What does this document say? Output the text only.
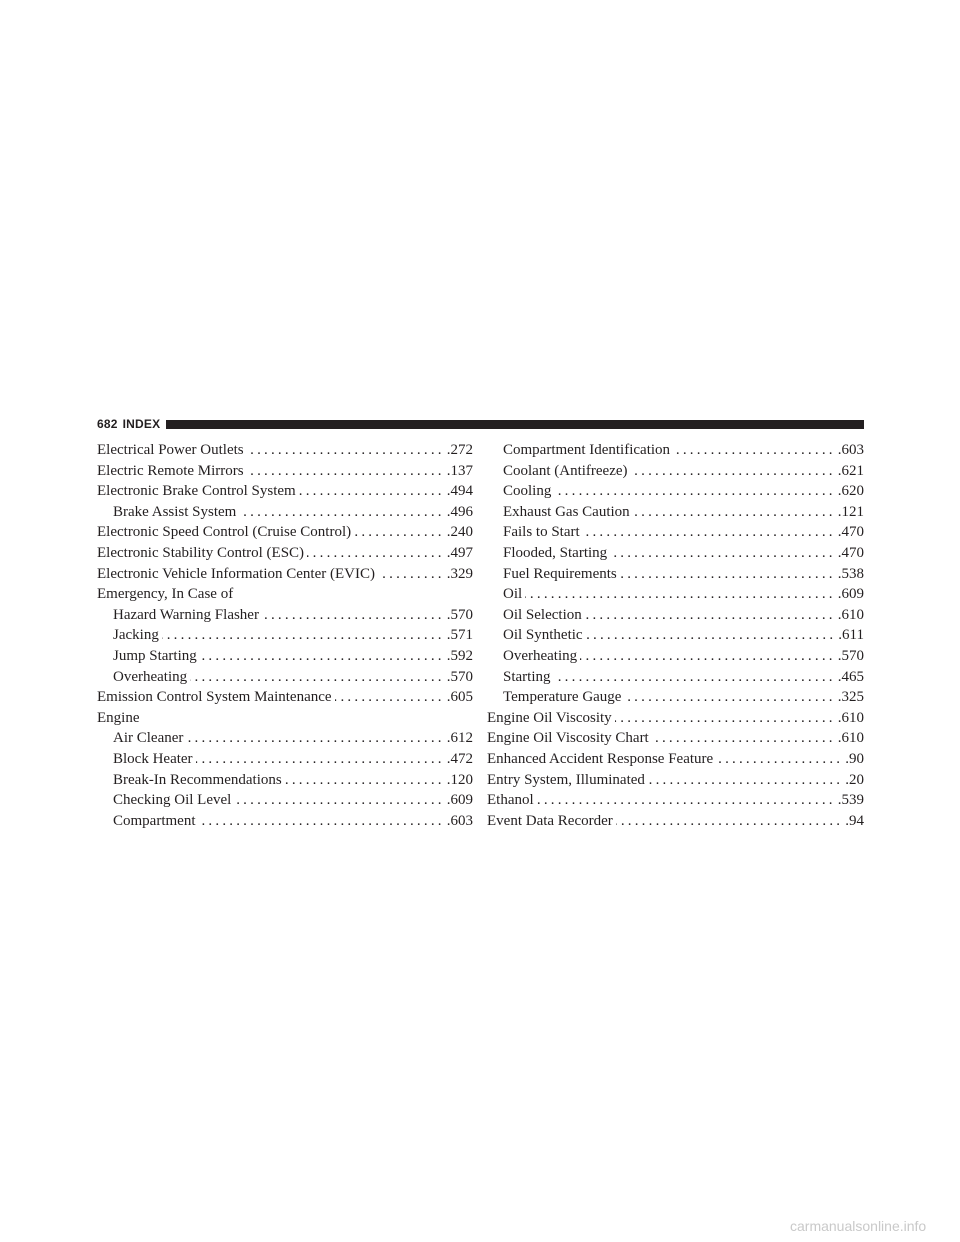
682 INDEX
Electrical Power Outlets .....	.272
Electric Remote Mirrors .....	.137
Electronic Brake Control System .....	.494
Brake Assist System .....	.496
Electronic Speed Control (Cruise Control) .....	.240
Electronic Stability Control (ESC) .....	.497
Electronic Vehicle Information Center (EVIC) .....	.329
Emergency, In Case of
Hazard Warning Flasher .....	.570
Jacking .....	.571
Jump Starting .....	.592
Overheating .....	.570
Emission Control System Maintenance .....	.605
Engine
Air Cleaner .....	.612
Block Heater .....	.472
Break-In Recommendations .....	.120
Checking Oil Level .....	.609
Compartment .....	.603
Compartment Identification .....	.603
Coolant (Antifreeze) .....	.621
Cooling .....	.620
Exhaust Gas Caution .....	.121
Fails to Start .....	.470
Flooded, Starting .....	.470
Fuel Requirements .....	.538
Oil .....	.609
Oil Selection .....	.610
Oil Synthetic .....	.611
Overheating .....	.570
Starting .....	.465
Temperature Gauge .....	.325
Engine Oil Viscosity .....	.610
Engine Oil Viscosity Chart .....	.610
Enhanced Accident Response Feature .....	.90
Entry System, Illuminated .....	.20
Ethanol .....	.539
Event Data Recorder .....	.94
carmanualsonline.info
